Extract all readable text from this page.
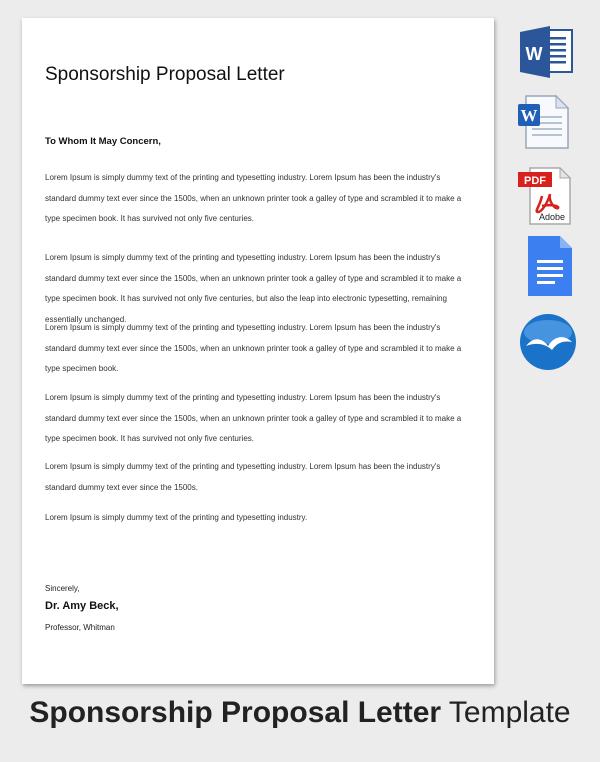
Sponsorship Proposal Letter
To Whom It May Concern,
Lorem Ipsum is simply dummy text of the printing and typesetting industry. Lorem Ipsum has been the industry's standard dummy text ever since the 1500s, when an unknown printer took a galley of type and scrambled it to make a type specimen book. It has survived not only five centuries.
Lorem Ipsum is simply dummy text of the printing and typesetting industry. Lorem Ipsum has been the industry's standard dummy text ever since the 1500s, when an unknown printer took a galley of type and scrambled it to make a type specimen book. It has survived not only five centuries, but also the leap into electronic typesetting, remaining essentially unchanged.
Lorem Ipsum is simply dummy text of the printing and typesetting industry. Lorem Ipsum has been the industry's standard dummy text ever since the 1500s, when an unknown printer took a galley of type and scrambled it to make a type specimen book.
Lorem Ipsum is simply dummy text of the printing and typesetting industry. Lorem Ipsum has been the industry's standard dummy text ever since the 1500s, when an unknown printer took a galley of type and scrambled it to make a type specimen book. It has survived not only five centuries.
Lorem Ipsum is simply dummy text of the printing and typesetting industry. Lorem Ipsum has been the industry's standard dummy text ever since the 1500s.
Lorem Ipsum is simply dummy text of the printing and typesetting industry.
Sincerely,
Dr. Amy Beck,
Professor, Whitman
Sponsorship Proposal Letter Template
W
W
PDF
Adobe
